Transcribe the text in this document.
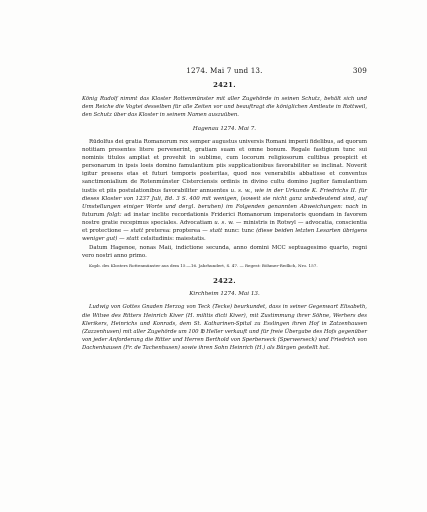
1274. Mai 7 und 13.	309
2421.
König Rudolf nimmt das Kloster Rottenmünster mit aller Zugehörde in seinen Schutz, behält sich und dem Reiche die Vogtei desselben für alle Zeiten vor und beauftragt die königlichen Amtleute in Rottweil, den Schutz über das Kloster in seinem Namen auszuüben.
Hagenau 1274. Mai 7.

Rūdolfus dei gratia Romanorum rex semper augustus universis Romani imperii fidelibus, ad quorum notitiam presentes litere pervenerint, gratiam suam et omne bonum. Regale fastigium tunc sui nominis titulos ampliat et provehit in sublime, cum locorum religiosorum cultibus prospicit et personarum in ipsis loeis domino famulantium piis supplicationibus favorabiliter se inclinat. Noverit igitur presens etas et futuri temporis posteritas, quod nos venerabilis abbatisse et conventus sanctimonialium de Rotenmúnster Cisterciensis ordinis in divino cultu domino jugiter famulantium iustis et piis postulationibus favorabiliter annuentes u. s. w., wie in der Urkunde K. Friedrichs II. für dieses Kloster von 1237 Juli, Bd. 3 S. 400 mit wenigen, (soweit sie nicht ganz unbedeutend sind, auf Umstellungen einiger Worte und dergl. beruhen) im Folgenden genannten Abweichungen: nach in futurum folgt: ad instar inclite recordationis Friderici Romanorum imperatoris quondam in favorem nostre gratie recepimus speciales. Advocatiam u. s. w. — ministris in Rotwyl — advocatia, conscientia et protectione — statt preterea: propterea — statt nunc: tunc (diese beiden letzten Lesarten übrigens weniger gut) — statt celsitudinis: maiestatis.

Datum Hagenoe, nonas Maii, indictione secunda, anno domini MCC septuagesimo quarto, regni vero nostri anno primo.

Kopb. des Klosters Rottenmünster aus dem 15.—16. Jahrhundert, S. 47. — Regest: Böhmer-Redlich, Nro. 157.
2422.
Kirchheim 1274. Mai 13.
Ludwig von Gottes Gnaden Herzog von Teck (Tecke) beurkundet, dass in seiner Gegenwart Elisabeth, die Witwe des Ritters Heinrich Kiver (H. militis dicti Kiver), mit Zustimmung ihrer Söhne, Werhers des Klerikers, Heinrichs und Konrads, dem St. Katharinen-Spital zu Esslingen ihren Hof in Zatzenhausen (Zazzenhusen) mit aller Zugehörde um 100 ℔ Heller verkauft und für freie Übergabe des Hofs gegenüber von jeder Anforderung die Ritter und Herren Berthold von Sperberseck (Sperwerseck) und Friedrich von Dachenhausen (Fr. de Tachenhusen) sowie ihren Sohn Heinrich (H.) als Bürgen gestellt hat.
